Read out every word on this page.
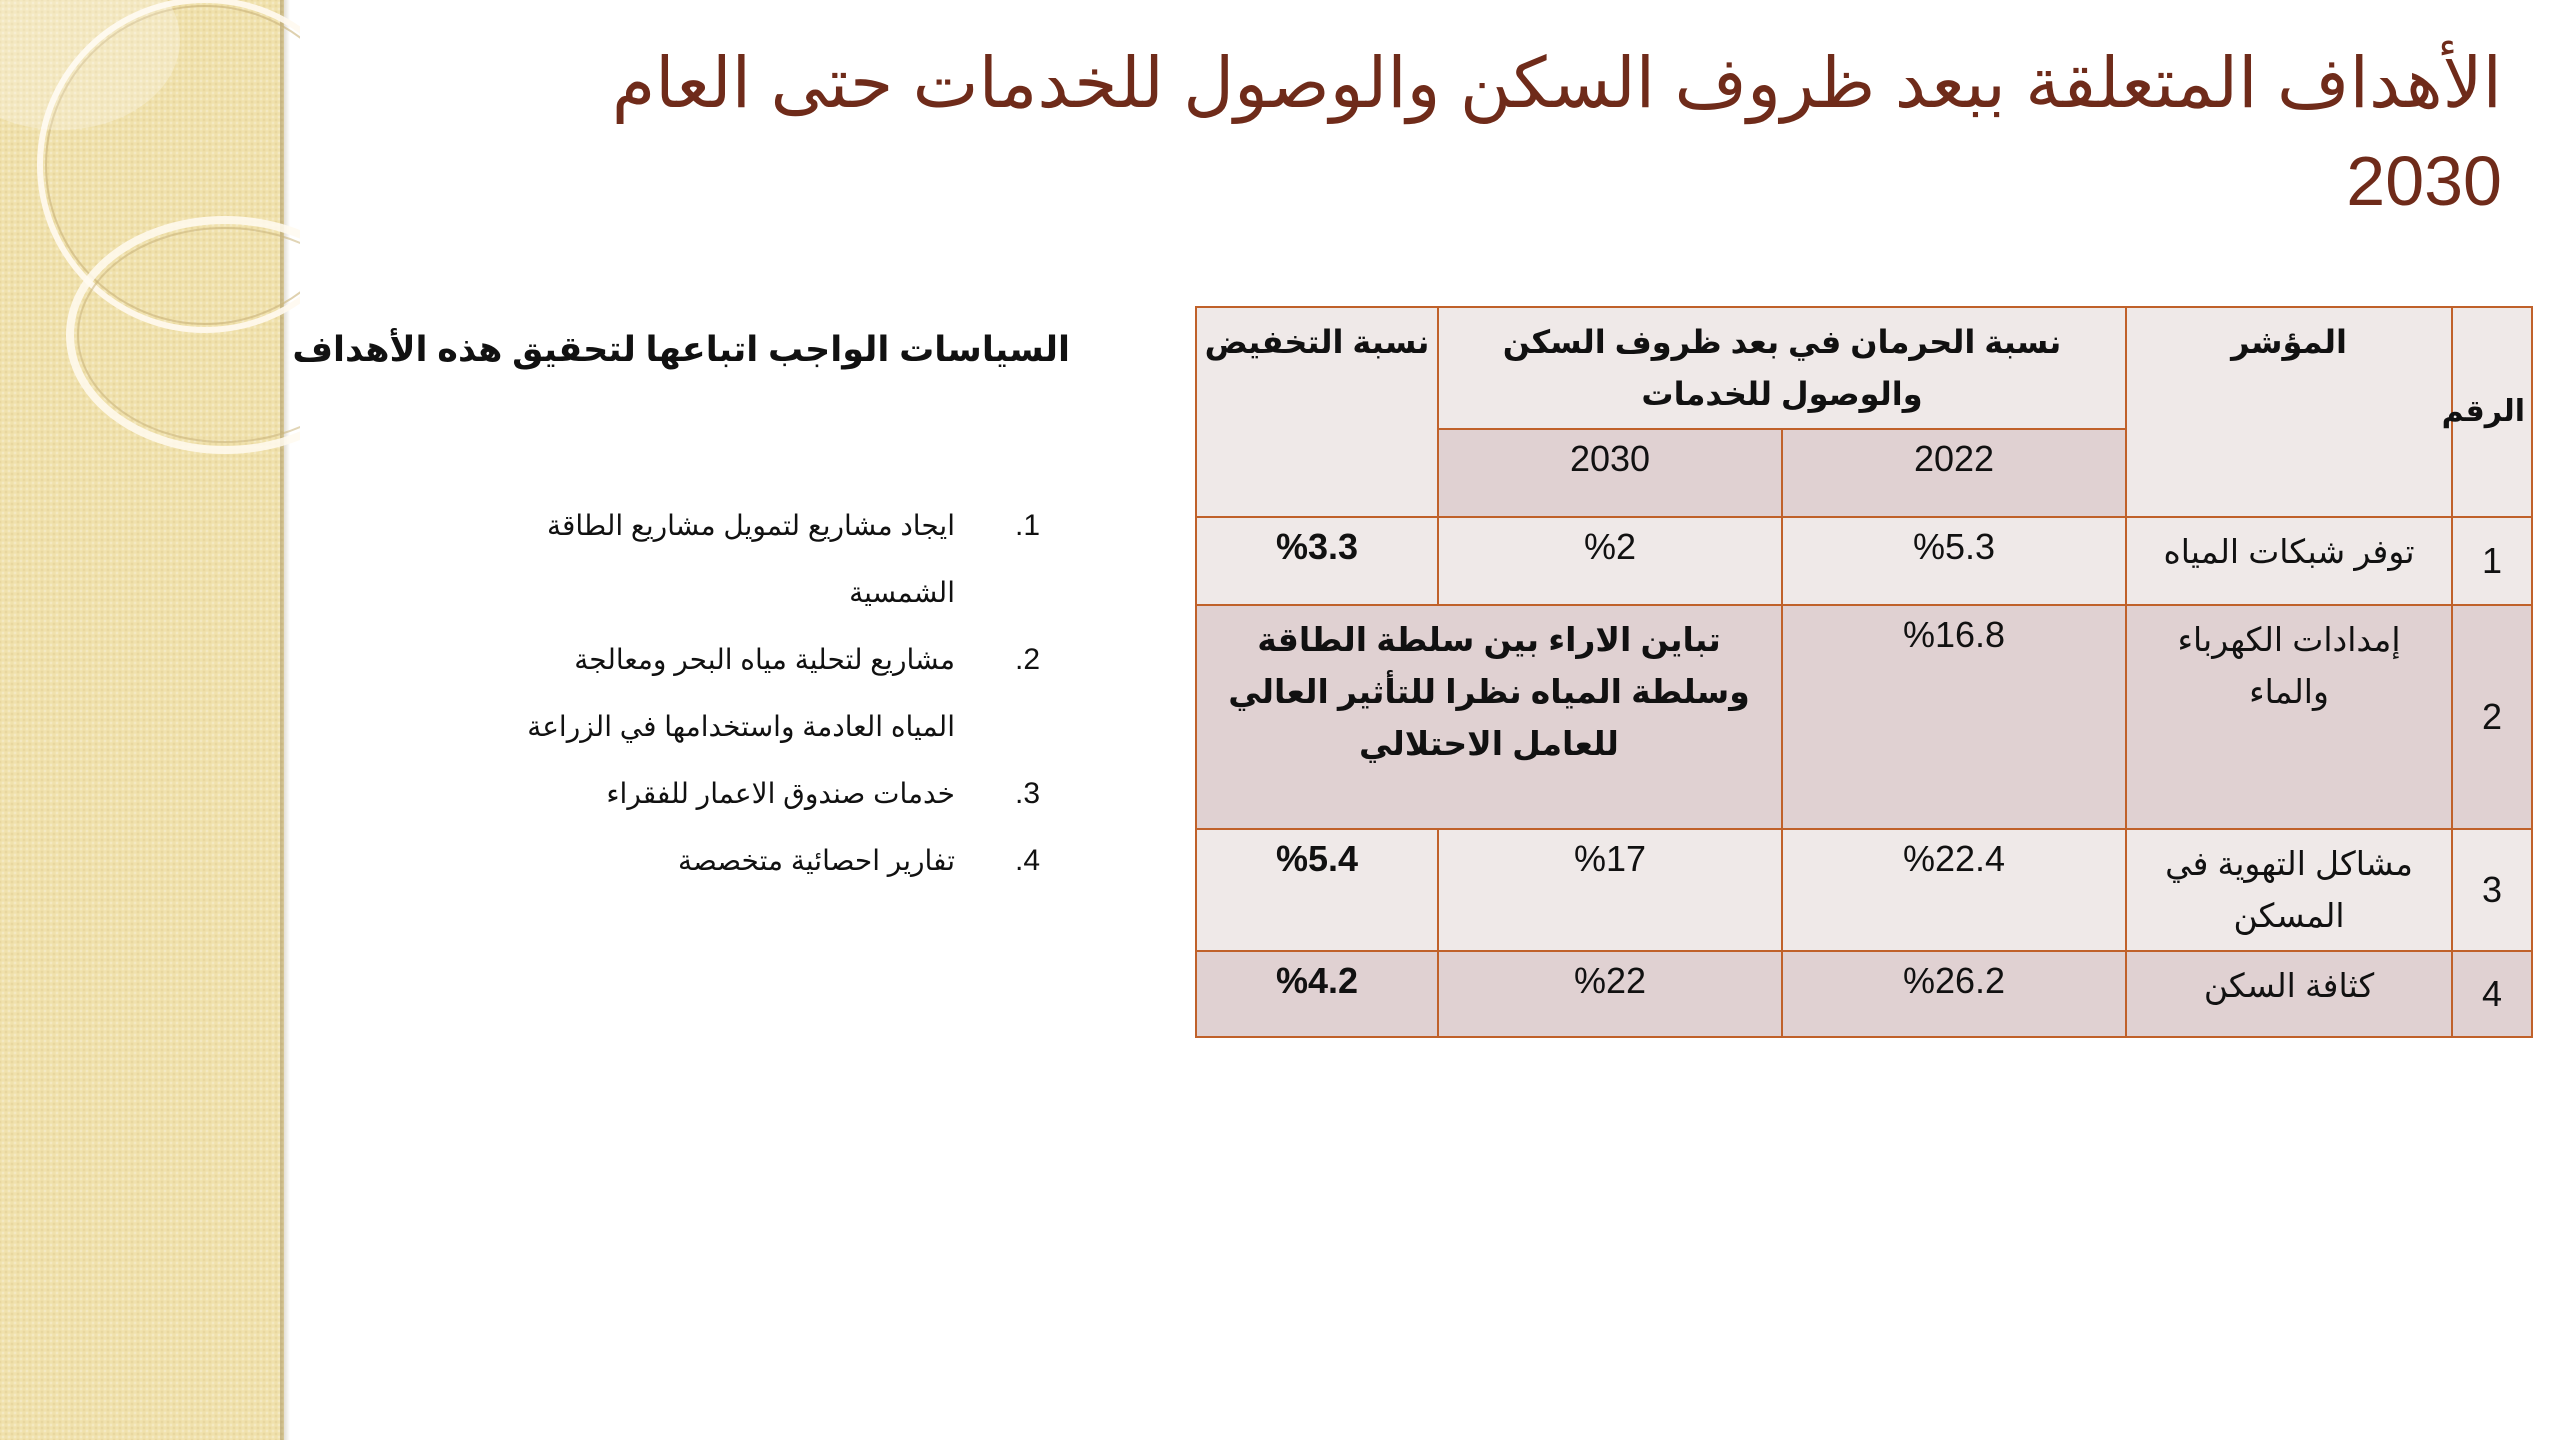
الأهداف المتعلقة ببعد ظروف السكن والوصول للخدمات حتى العام
2030
السياسات الواجب اتباعها لتحقيق هذه الأهداف
1.
ايجاد مشاريع لتمويل مشاريع الطاقة الشمسية
2.
مشاريع لتحلية مياه البحر ومعالجة المياه العادمة واستخدامها في الزراعة
3.
خدمات صندوق الاعمار للفقراء
4.
تفارير احصائية متخصصة
الرقم	المؤشر	نسبة الحرمان في بعد ظروف السكن والوصول للخدمات		نسبة التخفيض
		2022	2030	
1	توفر شبكات المياه	%5.3	%2	%3.3
2	إمدادات الكهرباء والماء	%16.8	تباين الاراء بين سلطة الطاقة وسلطة المياه نظرا للتأثير العالي للعامل الاحتلالي	
3	مشاكل التهوية في المسكن	%22.4	%17	%5.4
4	كثافة السكن	%26.2	%22	%4.2
